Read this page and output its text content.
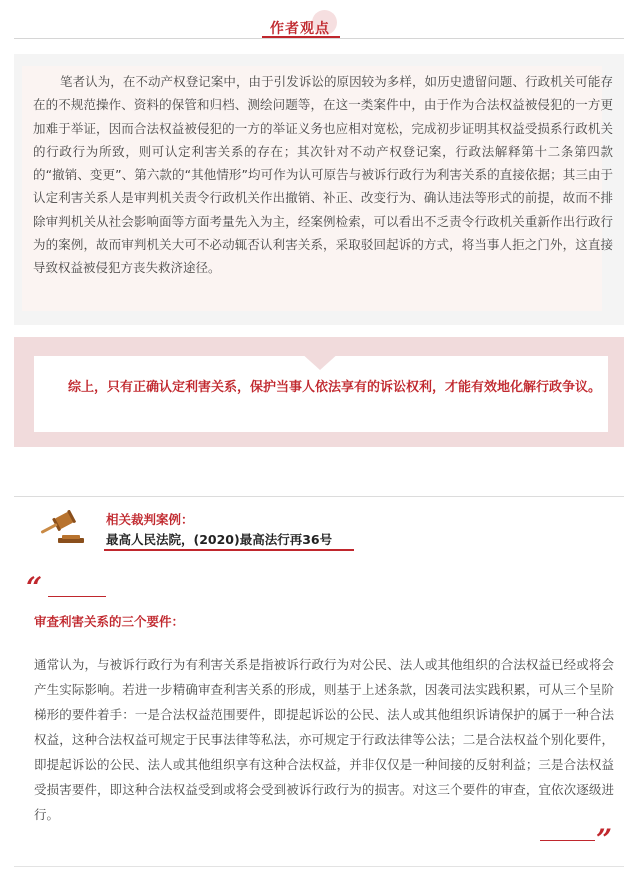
作者观点

笔者认为，在不动产权登记案中，由于引发诉讼的原因较为多样，如历史遗留问题、行政机关可能存在的不规范操作、资料的保管和归档、测绘问题等，在这一类案件中，由于作为合法权益被侵犯的一方更加难于举证，因而合法权益被侵犯的一方的举证义务也应相对宽松，完成初步证明其权益受损系行政机关的行政行为所致，则可认定利害关系的存在；其次针对不动产权登记案，行政法解释第十二条第四款的“撤销、变更”、第六款的“其他情形”均可作为认可原告与被诉行政行为利害关系的直接依据；其三由于认定利害关系人是审判机关责令行政机关作出撤销、补正、改变行为、确认违法等形式的前提，故而不排除审判机关从社会影响面等方面考量先入为主，经案例检索，可以看出不乏责令行政机关重新作出行政行为的案例，故而审判机关大可不必动辄否认利害关系，采取驳回起诉的方式，将当事人拒之门外，这直接导致权益被侵犯方丧失救济途径。

综上，只有正确认定利害关系，保护当事人依法享有的诉讼权利，才能有效地化解行政争议。

相关裁判案例：
最高人民法院，(2020)最高法行再36号
“
审查利害关系的三个要件：

通常认为，与被诉行政行为有利害关系是指被诉行政行为对公民、法人或其他组织的合法权益已经或将会产生实际影响。若进一步精确审查利害关系的形成，则基于上述条款，因袭司法实践积累，可从三个呈阶梯形的要件着手：一是合法权益范围要件，即提起诉讼的公民、法人或其他组织诉请保护的属于一种合法权益，这种合法权益可规定于民事法律等私法，亦可规定于行政法律等公法；二是合法权益个别化要件，即提起诉讼的公民、法人或其他组织享有这种合法权益，并非仅仅是一种间接的反射利益；三是合法权益受损害要件，即这种合法权益受到或将会受到被诉行政行为的损害。对这三个要件的审查，宜依次逐级进行。

”
